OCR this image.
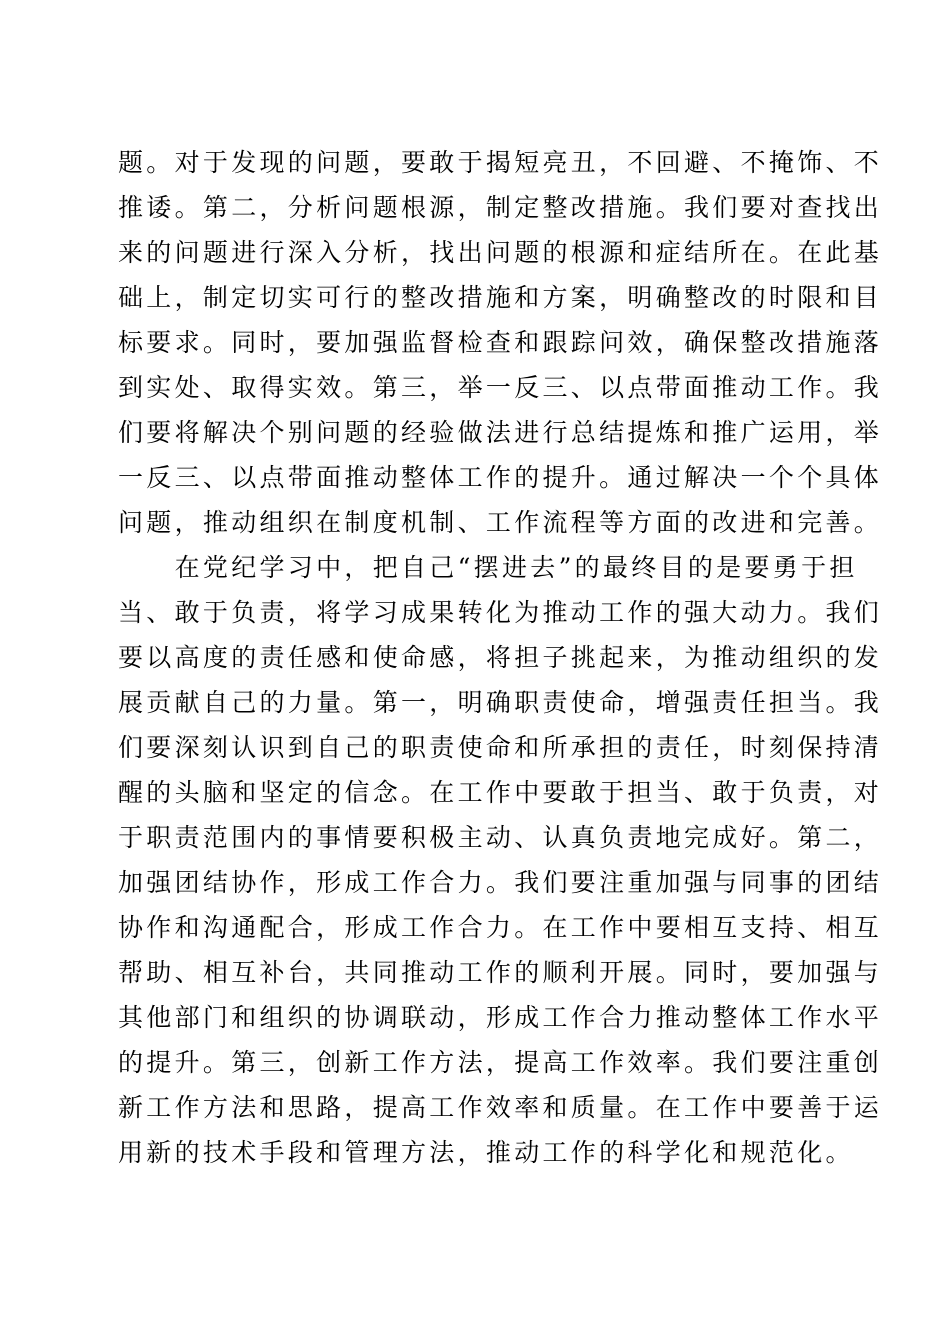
题。对于发现的问题，要敢于揭短亮丑，不回避、不掩饰、不
推诿。第二，分析问题根源，制定整改措施。我们要对查找出
来的问题进行深入分析，找出问题的根源和症结所在。在此基
础上，制定切实可行的整改措施和方案，明确整改的时限和目
标要求。同时，要加强监督检查和跟踪问效，确保整改措施落
到实处、取得实效。第三，举一反三、以点带面推动工作。我
们要将解决个别问题的经验做法进行总结提炼和推广运用，举
一反三、以点带面推动整体工作的提升。通过解决一个个具体
问题，推动组织在制度机制、工作流程等方面的改进和完善。
　　在党纪学习中，把自己“摆进去”的最终目的是要勇于担
当、敢于负责，将学习成果转化为推动工作的强大动力。我们
要以高度的责任感和使命感，将担子挑起来，为推动组织的发
展贡献自己的力量。第一，明确职责使命，增强责任担当。我
们要深刻认识到自己的职责使命和所承担的责任，时刻保持清
醒的头脑和坚定的信念。在工作中要敢于担当、敢于负责，对
于职责范围内的事情要积极主动、认真负责地完成好。第二，
加强团结协作，形成工作合力。我们要注重加强与同事的团结
协作和沟通配合，形成工作合力。在工作中要相互支持、相互
帮助、相互补台，共同推动工作的顺利开展。同时，要加强与
其他部门和组织的协调联动，形成工作合力推动整体工作水平
的提升。第三，创新工作方法，提高工作效率。我们要注重创
新工作方法和思路，提高工作效率和质量。在工作中要善于运
用新的技术手段和管理方法，推动工作的科学化和规范化。
